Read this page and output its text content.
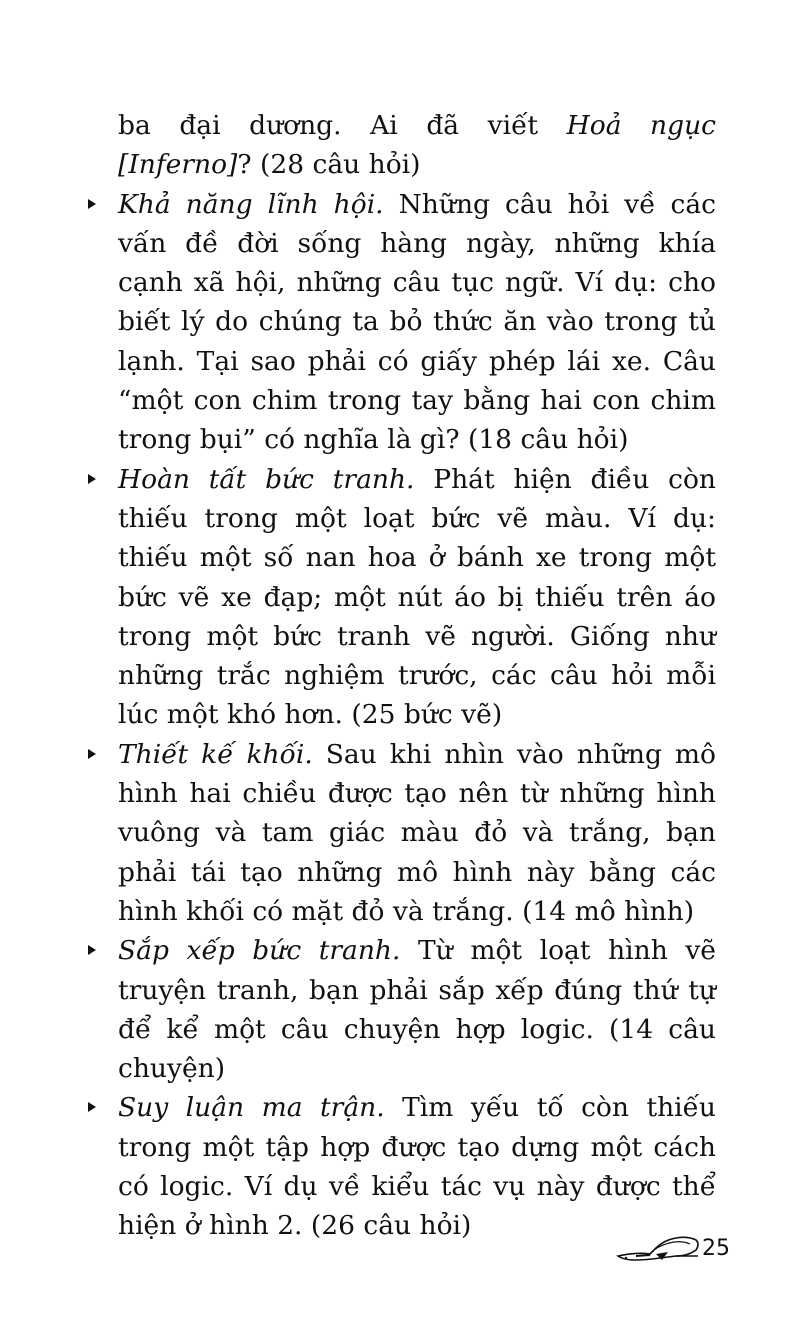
ba đại dương. Ai đã viết Hoả ngục [Inferno]? (28 câu hỏi)

Khả năng lĩnh hội. Những câu hỏi về các vấn đề đời sống hàng ngày, những khía cạnh xã hội, những câu tục ngữ. Ví dụ: cho biết lý do chúng ta bỏ thức ăn vào trong tủ lạnh. Tại sao phải có giấy phép lái xe. Câu “một con chim trong tay bằng hai con chim trong bụi” có nghĩa là gì? (18 câu hỏi)

Hoàn tất bức tranh. Phát hiện điều còn thiếu trong một loạt bức vẽ màu. Ví dụ: thiếu một số nan hoa ở bánh xe trong một bức vẽ xe đạp; một nút áo bị thiếu trên áo trong một bức tranh vẽ người. Giống như những trắc nghiệm trước, các câu hỏi mỗi lúc một khó hơn. (25 bức vẽ)

Thiết kế khối. Sau khi nhìn vào những mô hình hai chiều được tạo nên từ những hình vuông và tam giác màu đỏ và trắng, bạn phải tái tạo những mô hình này bằng các hình khối có mặt đỏ và trắng. (14 mô hình)

Sắp xếp bức tranh. Từ một loạt hình vẽ truyện tranh, bạn phải sắp xếp đúng thứ tự để kể một câu chuyện hợp logic. (14 câu chuyện)

Suy luận ma trận. Tìm yếu tố còn thiếu trong một tập hợp được tạo dựng một cách có logic. Ví dụ về kiểu tác vụ này được thể hiện ở hình 2. (26 câu hỏi)

25
